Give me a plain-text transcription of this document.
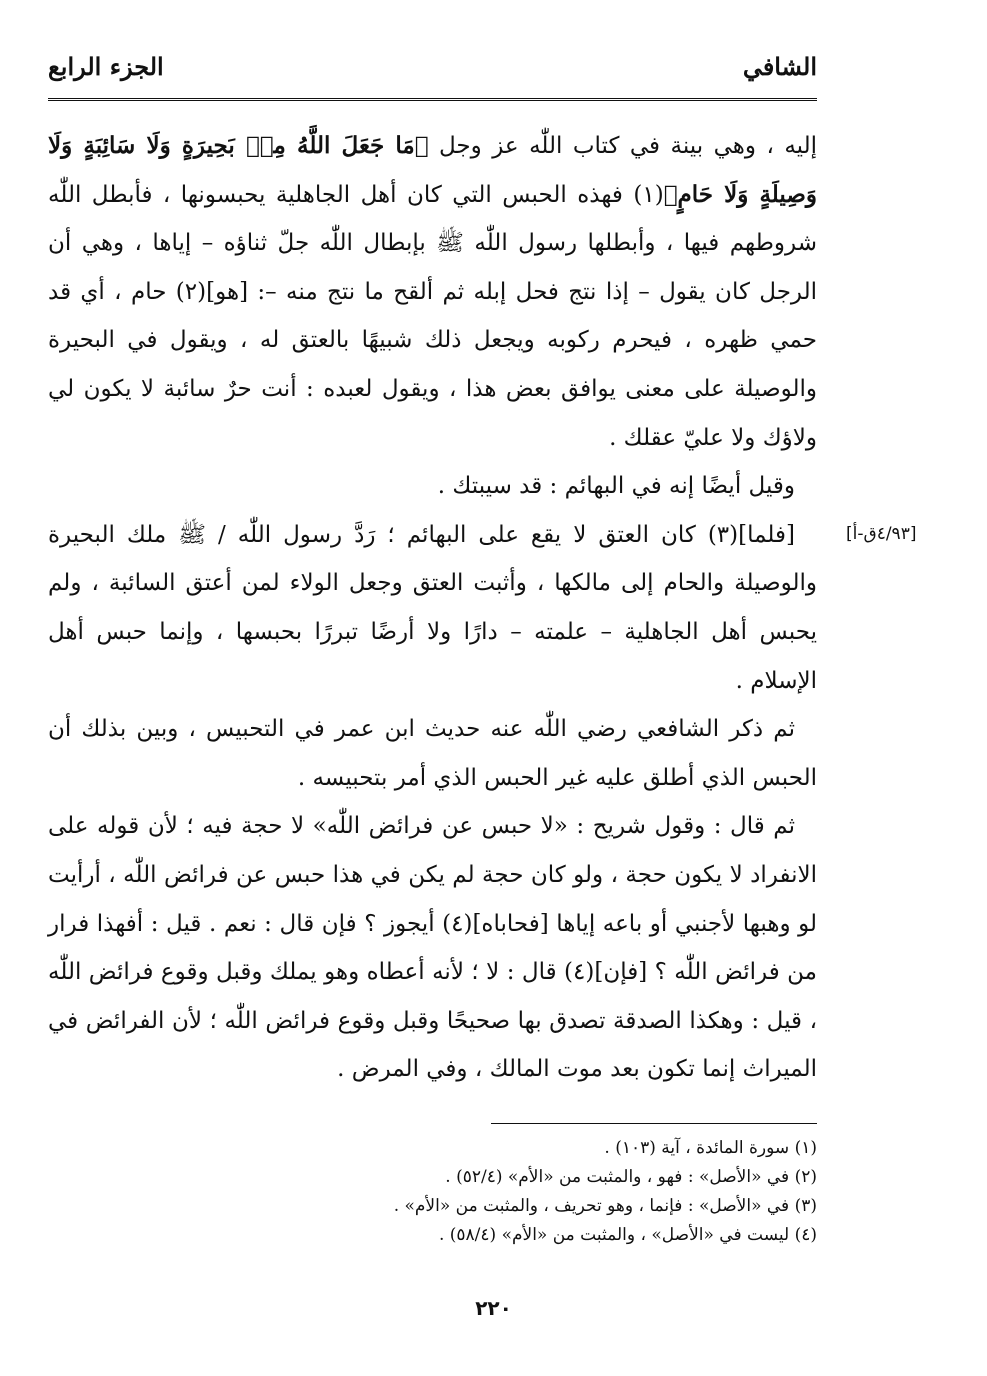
الشافي
الجزء الرابع

إليه ، وهي بينة في كتاب اللّٰه عز وجل ﴿مَا جَعَلَ اللَّهُ مِنۢ بَحِيرَةٍ وَلَا سَائِبَةٍ وَلَا وَصِيلَةٍ وَلَا حَامٍ﴾(١) فهذه الحبس التي كان أهل الجاهلية يحبسونها ، فأبطل اللّٰه شروطهم فيها ، وأبطلها رسول اللّٰه ﷺ بإبطال اللّٰه جلّ ثناؤه – إياها ، وهي أن الرجل كان يقول – إذا نتج فحل إبله ثم ألقح ما نتج منه –: [هو](٢) حام ، أي قد حمي ظهره ، فيحرم ركوبه ويجعل ذلك شبيهًا بالعتق له ، ويقول في البحيرة والوصيلة على معنى يوافق بعض هذا ، ويقول لعبده : أنت حرٌ سائبة لا يكون لي ولاؤك ولا عليّ عقلك .

وقيل أيضًا إنه في البهائم : قد سيبتك .

[فلما](٣) كان العتق لا يقع على البهائم ؛ رَدَّ رسول اللّٰه / ﷺ ملك البحيرة والوصيلة والحام إلى مالكها ، وأثبت العتق وجعل الولاء لمن أعتق السائبة ، ولم يحبس أهل الجاهلية – علمته – دارًا ولا أرضًا تبررًا بحبسها ، وإنما حبس أهل الإسلام .

ثم ذكر الشافعي رضي اللّٰه عنه حديث ابن عمر في التحبيس ، وبين بذلك أن الحبس الذي أطلق عليه غير الحبس الذي أمر بتحبيسه .

ثم قال : وقول شريح : «لا حبس عن فرائض اللّٰه» لا حجة فيه ؛ لأن قوله على الانفراد لا يكون حجة ، ولو كان حجة لم يكن في هذا حبس عن فرائض اللّٰه ، أرأيت لو وهبها لأجنبي أو باعه إياها [فحاباه](٤) أيجوز ؟ فإن قال : نعم . قيل : أفهذا فرار من فرائض اللّٰه ؟ [فإن](٤) قال : لا ؛ لأنه أعطاه وهو يملك وقبل وقوع فرائض اللّٰه ، قيل : وهكذا الصدقة تصدق بها صحيحًا وقبل وقوع فرائض اللّٰه ؛ لأن الفرائض في الميراث إنما تكون بعد موت المالك ، وفي المرض .

[٤/٩٣ق-أ]
(١) سورة المائدة ، آية (١٠٣) .
(٢) في «الأصل» : فهو ، والمثبت من «الأم» (٥٢/٤) .
(٣) في «الأصل» : فإنما ، وهو تحريف ، والمثبت من «الأم» .
(٤) ليست في «الأصل» ، والمثبت من «الأم» (٥٨/٤) .
٢٢٠
